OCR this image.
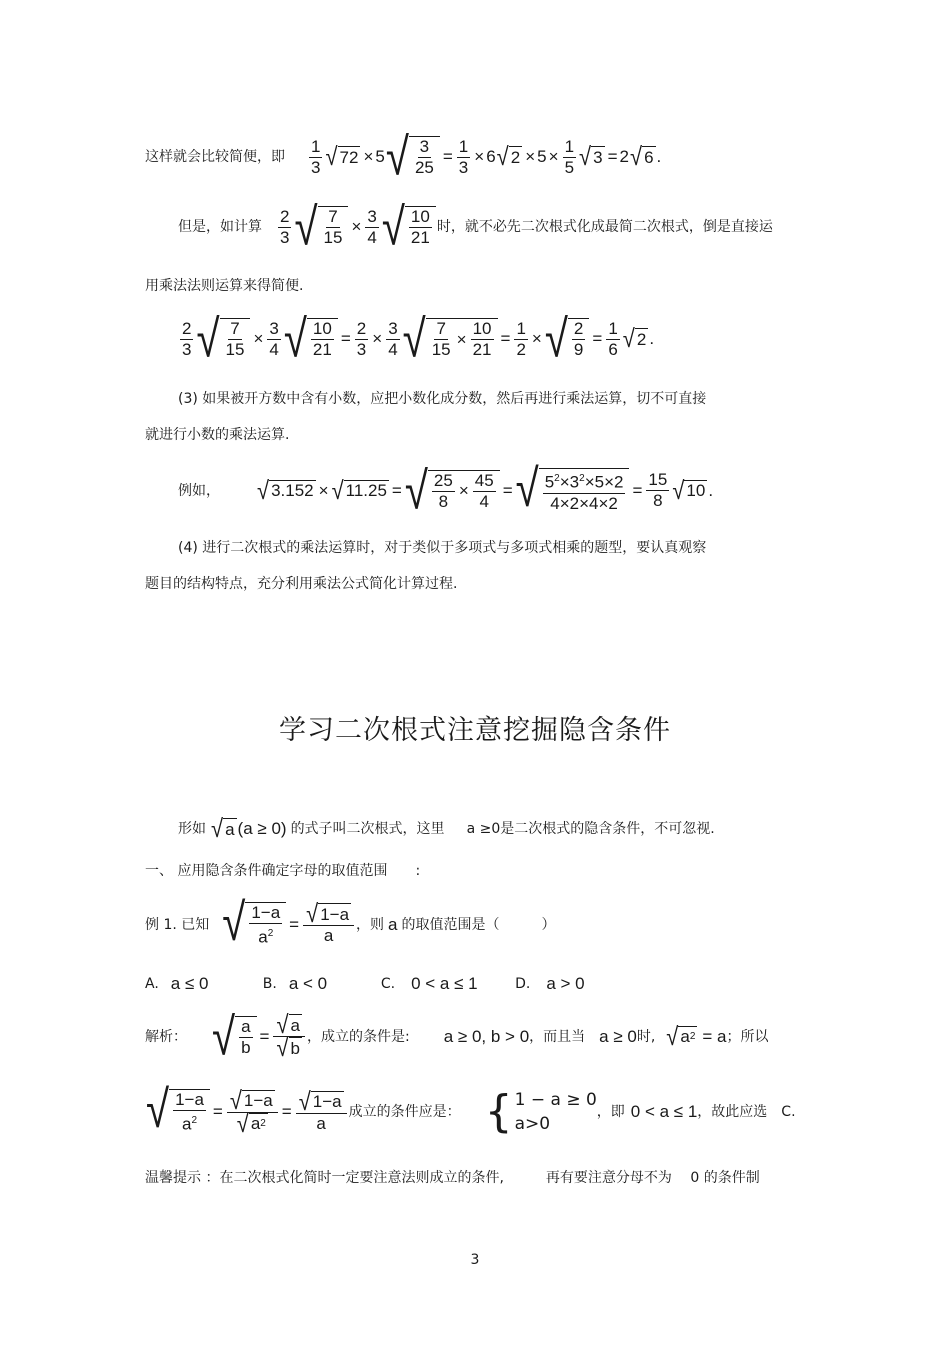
这样就会比较简便，即 $\frac{1}{3}$ √ 72 × 5 √ $\frac{3}{25} = \frac{1}{3} \times 6$ √ $2 \times 5 \times \frac{1}{5}$ √ 3 = 2 √ 6 .
但是，如计算 $\frac{2}{3}$ √ $\frac{7}{15} \times \frac{3}{4}$ √ $\frac{10}{21}$ 时，就不必先二次根式化成最简二次根式，倒是直接运
用乘法法则运算来得简便.
$\frac{2}{3}$ √ $\frac{7}{15} \times \frac{3}{4}$ √ $\frac{10}{21} = \frac{2}{3} \times \frac{3}{4}$ √ $\frac{7}{15} \times \frac{10}{21} = \frac{1}{2}$ × √ $\frac{2}{9} = \frac{1}{6}$ √ 2 .
(3) 如果被开方数中含有小数，应把小数化成分数，然后再进行乘法运算，切不可直接
就进行小数的乘法运算.
例如， √ 3.152 × √ 11.25 = √ $\frac{25}{8} \times \frac{45}{4}$ = √ $\frac{5^2\times 3^2\times 5\times 2}{4\times 2\times 4\times 2} = \frac{15}{8}$ √ 10 .
(4) 进行二次根式的乘法运算时，对于类似于多项式与多项式相乘的题型，要认真观察
题目的结构特点，充分利用乘法公式简化计算过程.
学习二次根式注意挖掘隐含条件
形如 √ a (a ≥ 0) 的式子叫二次根式，这里 a ≥0是二次根式的隐含条件，不可忽视.
一、 应用隐含条件确定字母的取值范围　　:
例 1. 已知 √ $\frac{1-a}{a^2} = \frac{√ 1-a}{a}$ ，则 a 的取值范围是（　　　）
A. a ≤ 0	B. a < 0	C. 0 < a ≤ 1	D. a > 0
解析： √ $\frac{a}{b} = \frac{√ a}{√ b}$ ，成立的条件是: a ≥ 0, b > 0 ，而且当 a ≥ 0 时, √ a 2 = a ；所以
√ $\frac{1-a}{a^2} = \frac{√ 1-a}{√ a 2} = \frac{√ 1-a}{a}$ 成立的条件应是： { 1 − a ≥ 0
a>0
，即 0 < a ≤ 1 ，故此应选　C.
温馨提示 ：在二次根式化简时一定要注意法则成立的条件,　　　再有要注意分母不为　 0 的条件制
3
